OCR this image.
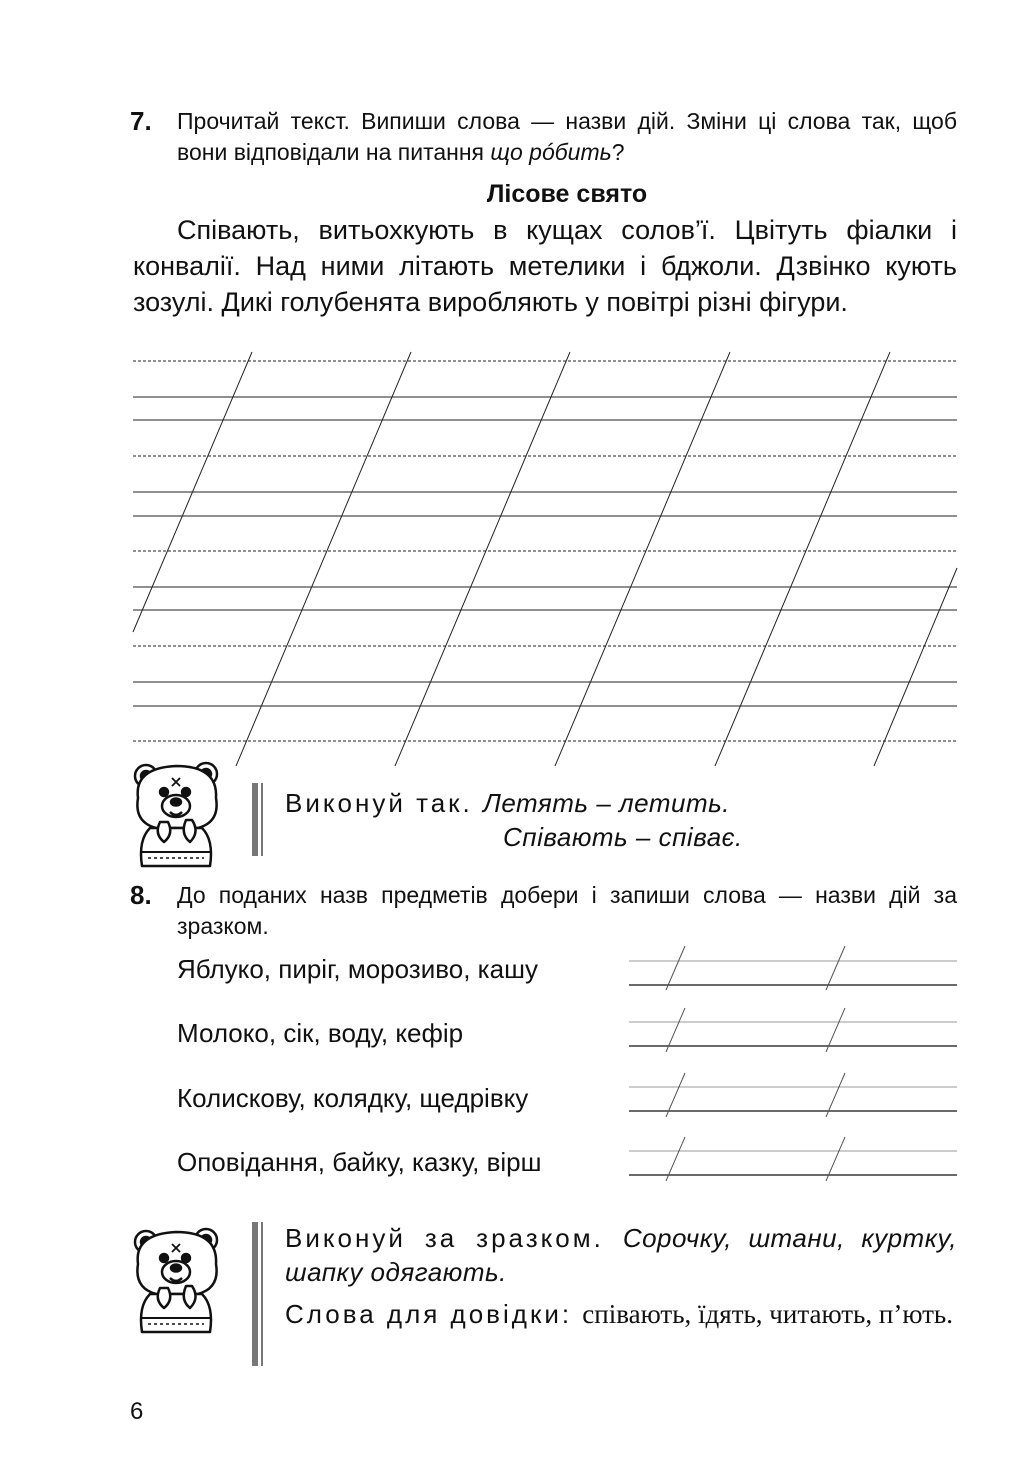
7. Прочитай текст. Випиши слова — назви дій. Зміни ці слова так, щоб вони відповідали на питання що рóбить?
Лісове свято
Співають, витьохкують в кущах солов’ї. Цвітуть фіалки і конвалії. Над ними літають метелики і бджоли. Дзвінко кують зозулі. Дикі голубенята виробляють у повітрі різні фігури.
Виконуй так. Летять – летить.
Співають – співає.
8. До поданих назв предметів добери і запиши слова — назви дій за зразком.
Яблуко, пиріг, морозиво, кашу
Молоко, сік, воду, кефір
Колискову, колядку, щедрівку
Оповідання, байку, казку, вірш
Виконуй за зразком. Сорочку, штани, куртку, шапку одягають.
Слова для довідки: співають, їдять, читають, п’ють.
6
